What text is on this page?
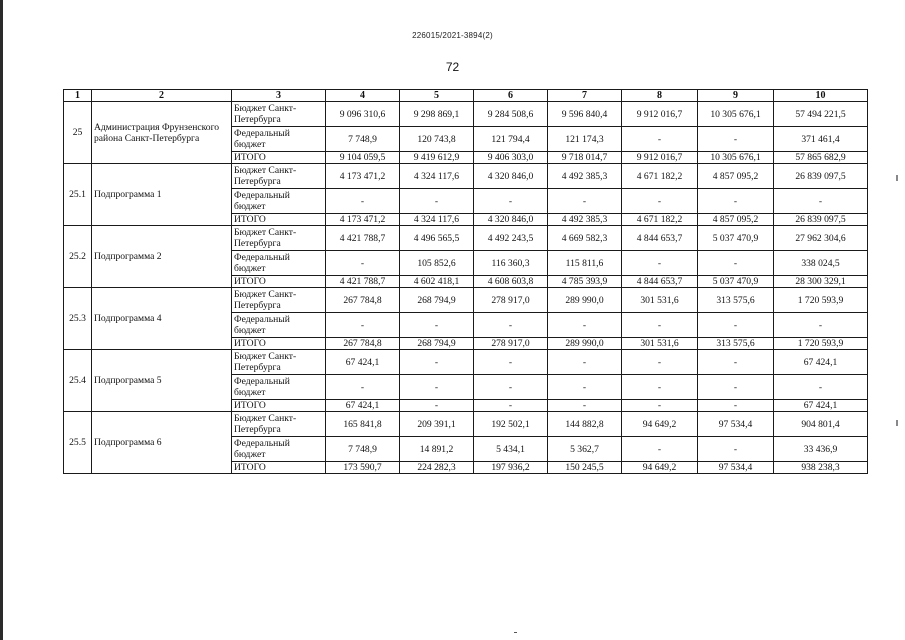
226015/2021-3894(2)
72
1	2	3	4	5	6	7	8	9	10
25	Администрация Фрунзенского района Санкт-Петербурга	Бюджет Санкт-Петербурга	9 096 310,6	9 298 869,1	9 284 508,6	9 596 840,4	9 912 016,7	10 305 676,1	57 494 221,5
		Федеральный бюджет	7 748,9	120 743,8	121 794,4	121 174,3	-	-	371 461,4
		ИТОГО	9 104 059,5	9 419 612,9	9 406 303,0	9 718 014,7	9 912 016,7	10 305 676,1	57 865 682,9
25.1	Подпрограмма 1	Бюджет Санкт-Петербурга	4 173 471,2	4 324 117,6	4 320 846,0	4 492 385,3	4 671 182,2	4 857 095,2	26 839 097,5
		Федеральный бюджет	-	-	-	-	-	-	-
		ИТОГО	4 173 471,2	4 324 117,6	4 320 846,0	4 492 385,3	4 671 182,2	4 857 095,2	26 839 097,5
25.2	Подпрограмма 2	Бюджет Санкт-Петербурга	4 421 788,7	4 496 565,5	4 492 243,5	4 669 582,3	4 844 653,7	5 037 470,9	27 962 304,6
		Федеральный бюджет	-	105 852,6	116 360,3	115 811,6	-	-	338 024,5
		ИТОГО	4 421 788,7	4 602 418,1	4 608 603,8	4 785 393,9	4 844 653,7	5 037 470,9	28 300 329,1
25.3	Подпрограмма 4	Бюджет Санкт-Петербурга	267 784,8	268 794,9	278 917,0	289 990,0	301 531,6	313 575,6	1 720 593,9
		Федеральный бюджет	-	-	-	-	-	-	-
		ИТОГО	267 784,8	268 794,9	278 917,0	289 990,0	301 531,6	313 575,6	1 720 593,9
25.4	Подпрограмма 5	Бюджет Санкт-Петербурга	67 424,1	-	-	-	-	-	67 424,1
		Федеральный бюджет	-	-	-	-	-	-	-
		ИТОГО	67 424,1	-	-	-	-	-	67 424,1
25.5	Подпрограмма 6	Бюджет Санкт-Петербурга	165 841,8	209 391,1	192 502,1	144 882,8	94 649,2	97 534,4	904 801,4
		Федеральный бюджет	7 748,9	14 891,2	5 434,1	5 362,7	-	-	33 436,9
		ИТОГО	173 590,7	224 282,3	197 936,2	150 245,5	94 649,2	97 534,4	938 238,3
